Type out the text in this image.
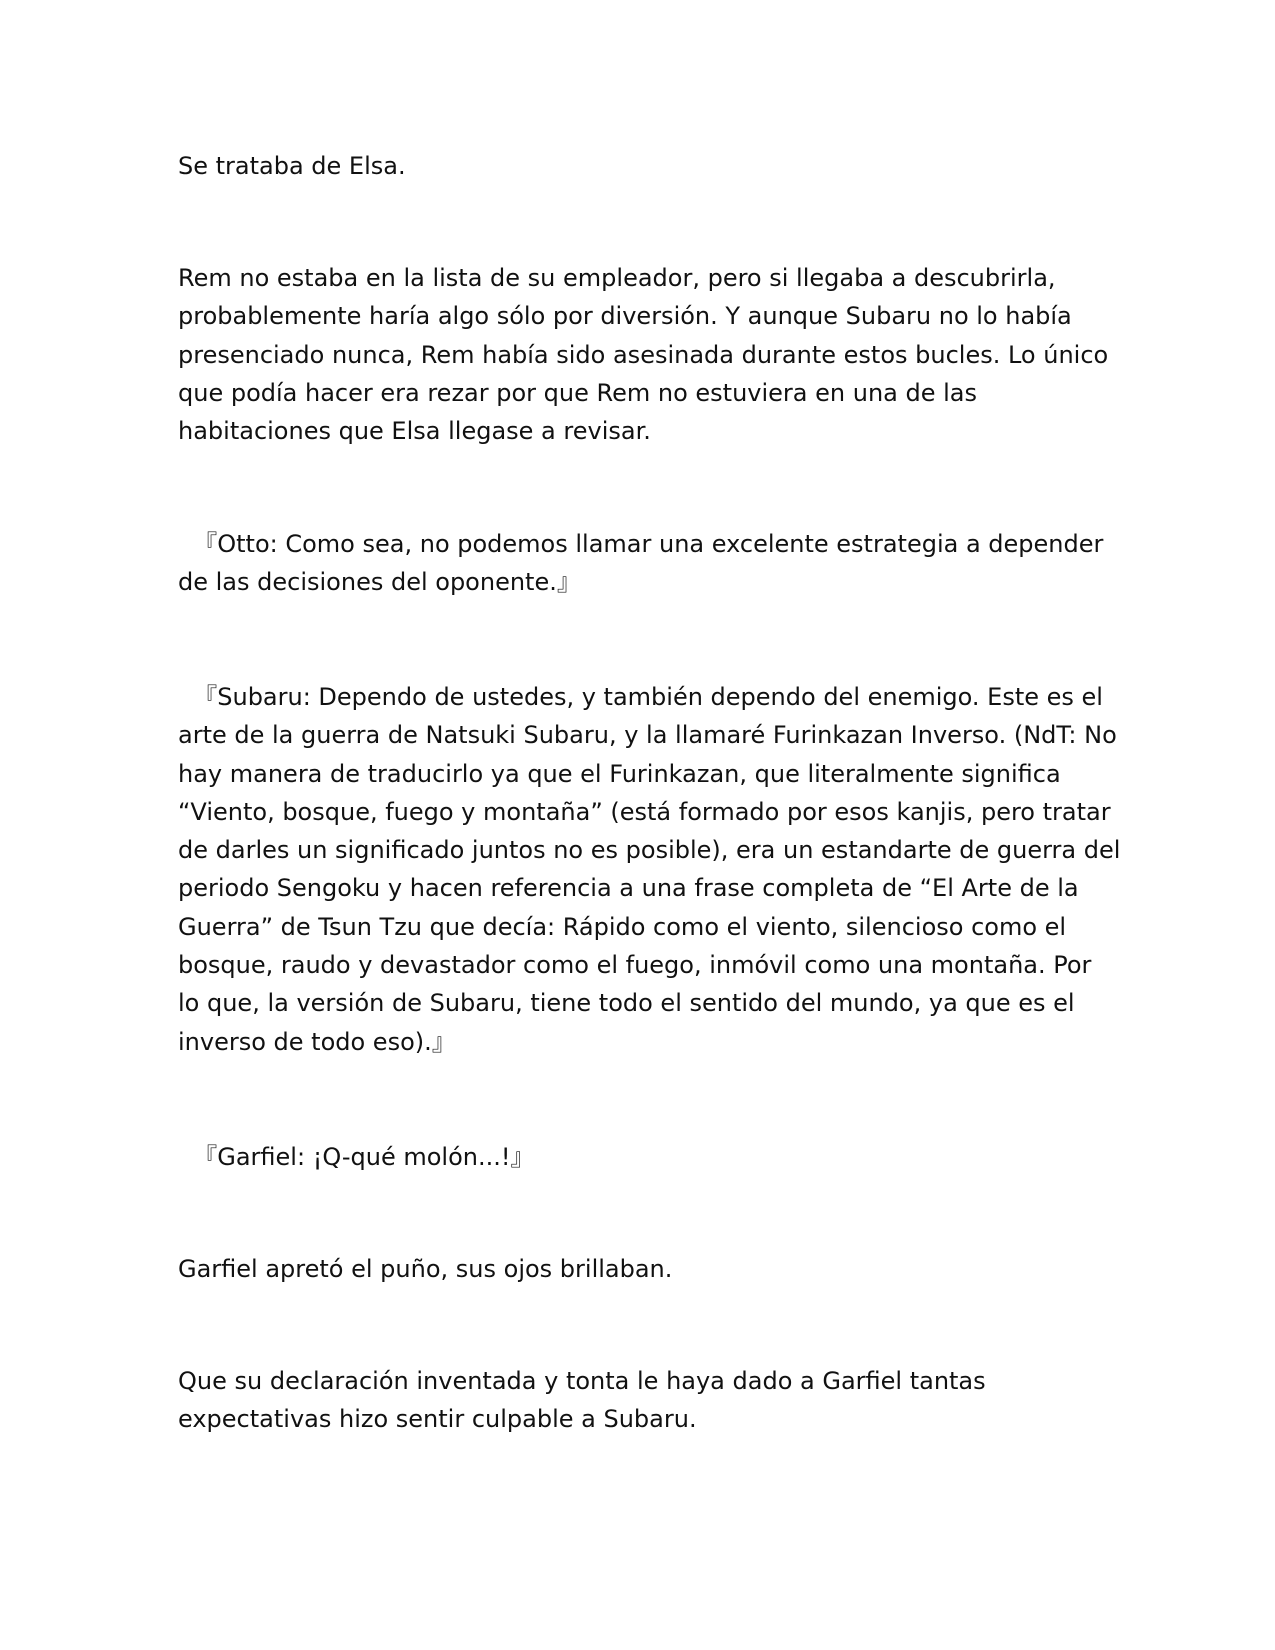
Se trataba de Elsa.

Rem no estaba en la lista de su empleador, pero si llegaba a descubrirla,
probablemente haría algo sólo por diversión. Y aunque Subaru no lo había
presenciado nunca, Rem había sido asesinada durante estos bucles. Lo único
que podía hacer era rezar por que Rem no estuviera en una de las
habitaciones que Elsa llegase a revisar.

『Otto: Como sea, no podemos llamar una excelente estrategia a depender
de las decisiones del oponente.』

『Subaru: Dependo de ustedes, y también dependo del enemigo. Este es el
arte de la guerra de Natsuki Subaru, y la llamaré Furinkazan Inverso. (NdT: No
hay manera de traducirlo ya que el Furinkazan, que literalmente significa
“Viento, bosque, fuego y montaña” (está formado por esos kanjis, pero tratar
de darles un significado juntos no es posible), era un estandarte de guerra del
periodo Sengoku y hacen referencia a una frase completa de “El Arte de la
Guerra” de Tsun Tzu que decía: Rápido como el viento, silencioso como el
bosque, raudo y devastador como el fuego, inmóvil como una montaña. Por
lo que, la versión de Subaru, tiene todo el sentido del mundo, ya que es el
inverso de todo eso).』

『Garfiel: ¡Q-qué molón...!』

Garfiel apretó el puño, sus ojos brillaban.

Que su declaración inventada y tonta le haya dado a Garfiel tantas
expectativas hizo sentir culpable a Subaru.
